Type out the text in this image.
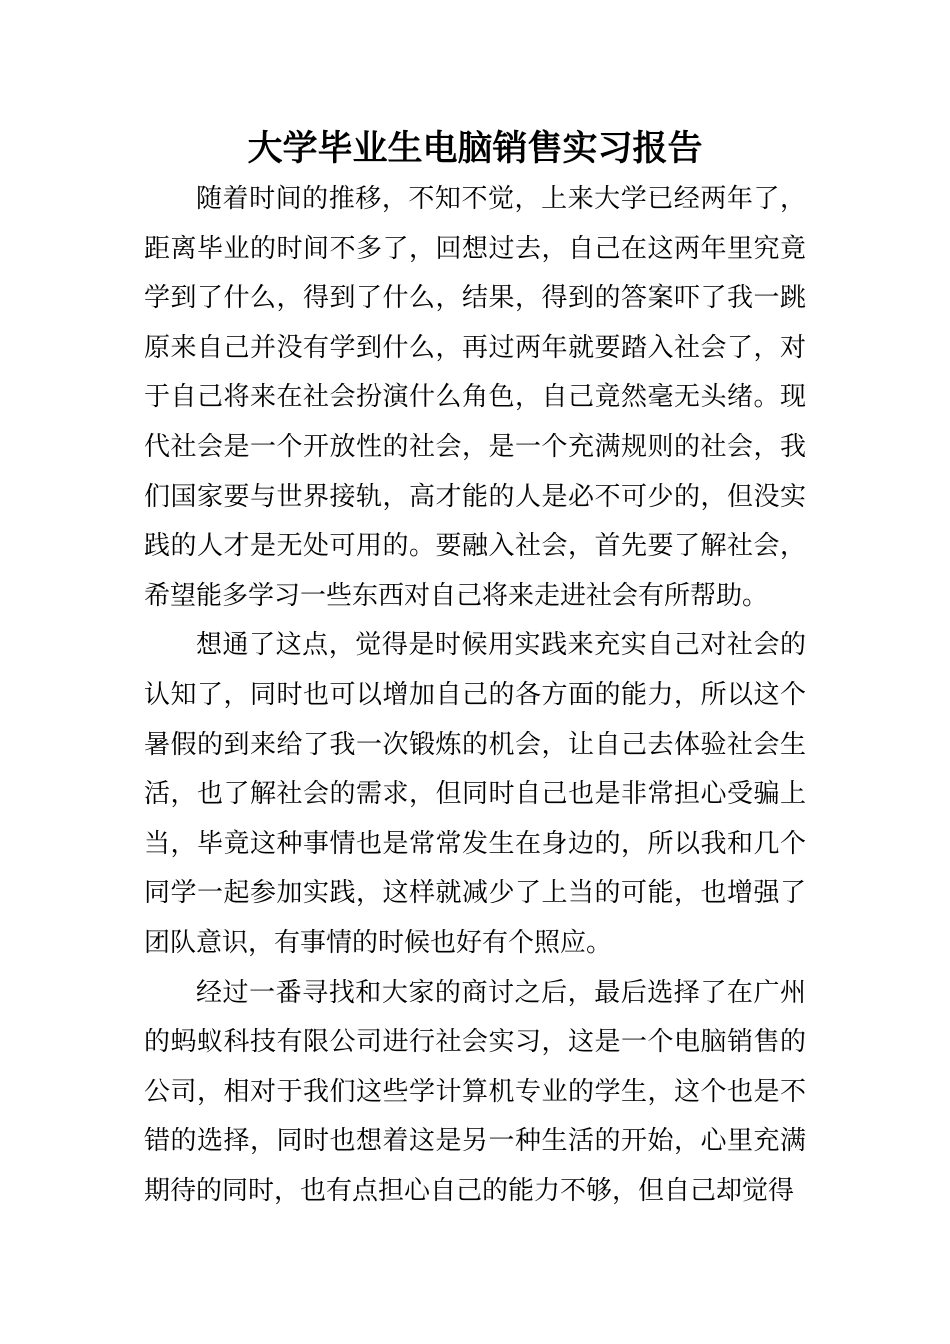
大学毕业生电脑销售实习报告

随着时间的推移，不知不觉，上来大学已经两年了，距离毕业的时间不多了，回想过去，自己在这两年里究竟学到了什么，得到了什么，结果，得到的答案吓了我一跳原来自己并没有学到什么，再过两年就要踏入社会了，对于自己将来在社会扮演什么角色，自己竟然毫无头绪。现代社会是一个开放性的社会，是一个充满规则的社会，我们国家要与世界接轨，高才能的人是必不可少的，但没实践的人才是无处可用的。要融入社会，首先要了解社会，希望能多学习一些东西对自己将来走进社会有所帮助。

想通了这点，觉得是时候用实践来充实自己对社会的认知了，同时也可以增加自己的各方面的能力，所以这个暑假的到来给了我一次锻炼的机会，让自己去体验社会生活，也了解社会的需求，但同时自己也是非常担心受骗上当，毕竟这种事情也是常常发生在身边的，所以我和几个同学一起参加实践，这样就减少了上当的可能，也增强了团队意识，有事情的时候也好有个照应。

经过一番寻找和大家的商讨之后，最后选择了在广州的蚂蚁科技有限公司进行社会实习，这是一个电脑销售的公司，相对于我们这些学计算机专业的学生，这个也是不错的选择，同时也想着这是另一种生活的开始，心里充满期待的同时，也有点担心自己的能力不够，但自己却觉得
